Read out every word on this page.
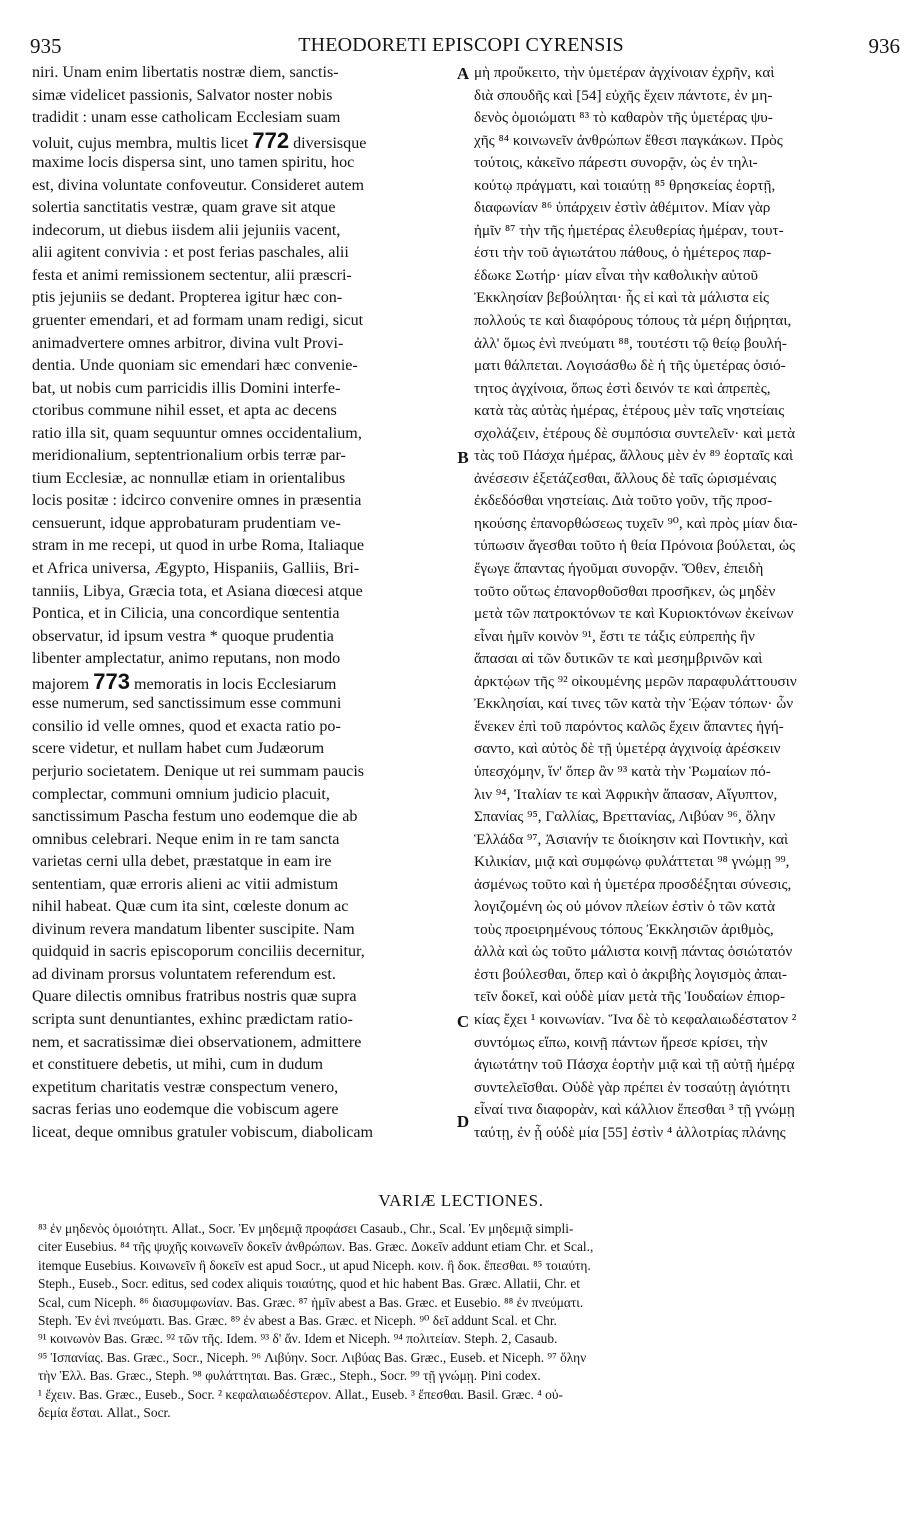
935	THEODORETI EPISCOPI CYRENSIS	936
niri. Unam enim libertatis nostræ diem, sanctis-
simæ videlicet passionis, Salvator noster nobis
tradidit : unam esse catholicam Ecclesiam suam
voluit, cujus membra, multis licet 772 diversisque
maxime locis dispersa sint, uno tamen spiritu, hoc
est, divina voluntate confoveutur. Consideret autem
solertia sanctitatis vestræ, quam grave sit atque
indecorum, ut diebus iisdem alii jejuniis vacent,
alii agitent convivia : et post ferias paschales, alii
festa et animi remissionem sectentur, alii præscri-
ptis jejuniis se dedant. Propterea igitur hæc con-
gruenter emendari, et ad formam unam redigi, sicut
animadvertere omnes arbitror, divina vult Provi-
dentia. Unde quoniam sic emendari hæc convenie-
bat, ut nobis cum parricidis illis Domini interfe-
ctoribus commune nihil esset, et apta ac decens
ratio illa sit, quam sequuntur omnes occidentalium,
meridionalium, septentrionalium orbis terræ par-
tium Ecclesiæ, ac nonnullæ etiam in orientalibus
locis positæ : idcirco convenire omnes in præsentia
censuerunt, idque approbaturam prudentiam ve-
stram in me recepi, ut quod in urbe Roma, Italiaque
et Africa universa, Ægypto, Hispaniis, Galliis, Bri-
tanniis, Libya, Græcia tota, et Asiana diœcesi atque
Pontica, et in Cilicia, una concordique sententia
observatur, id ipsum vestra * quoque prudentia
libenter amplectatur, animo reputans, non modo
majorem 773 memoratis in locis Ecclesiarum
esse numerum, sed sanctissimum esse communi
consilio id velle omnes, quod et exacta ratio po-
scere videtur, et nullam habet cum Judæorum
perjurio societatem. Denique ut rei summam paucis
complectar, communi omnium judicio placuit,
sanctissimum Pascha festum uno eodemque die ab
omnibus celebrari. Neque enim in re tam sancta
varietas cerni ulla debet, præstatque in eam ire
sententiam, quæ erroris alieni ac vitii admistum
nihil habeat. Quæ cum ita sint, cœleste donum ac
divinum revera mandatum libenter suscipite. Nam
quidquid in sacris episcoporum conciliis decernitur,
ad divinam prorsus voluntatem referendum est.
Quare dilectis omnibus fratribus nostris quæ supra
scripta sunt denuntiantes, exhinc prædictam ratio-
nem, et sacratissimæ diei observationem, admittere
et constituere debetis, ut mihi, cum in dudum
expetitum charitatis vestræ conspectum venero,
sacras ferias uno eodemque die vobiscum agere
liceat, deque omnibus gratuler vobiscum, diabolicam
A
B
C
D
μὴ προὔκειτο, τὴν ὑμετέραν ἀγχίνοιαν ἐχρῆν, καὶ
διὰ σπουδῆς καὶ [54] εὐχῆς ἔχειν πάντοτε, ἐν μη-
δενὸς ὁμοιώματι ⁸³ τὸ καθαρὸν τῆς ὑμετέρας ψυ-
χῆς ⁸⁴ κοινωνεῖν ἀνθρώπων ἔθεσι παγκάκων. Πρὸς
τούτοις, κἀκεῖνο πάρεστι συνορᾷν, ὡς ἐν τηλι-
κούτῳ πράγματι, καὶ τοιαύτῃ ⁸⁵ θρησκείας ἑορτῇ,
διαφωνίαν ⁸⁶ ὑπάρχειν ἐστὶν ἀθέμιτον. Μίαν γὰρ
ἡμῖν ⁸⁷ τὴν τῆς ἡμετέρας ἐλευθερίας ἡμέραν, τουτ-
έστι τὴν τοῦ ἁγιωτάτου πάθους, ὁ ἡμέτερος παρ-
έδωκε Σωτήρ· μίαν εἶναι τὴν καθολικὴν αὐτοῦ
Ἐκκλησίαν βεβούληται· ἧς εἰ καὶ τὰ μάλιστα εἰς
πολλούς τε καὶ διαφόρους τόπους τὰ μέρη διῄρηται,
ἀλλ' ὅμως ἑνὶ πνεύματι ⁸⁸, τουτέστι τῷ θείῳ βουλή-
ματι θάλπεται. Λογισάσθω δὲ ἡ τῆς ὑμετέρας ὁσιό-
τητος ἀγχίνοια, ὅπως ἐστὶ δεινόν τε καὶ ἀπρεπὲς,
κατὰ τὰς αὐτὰς ἡμέρας, ἑτέρους μὲν ταῖς νηστείαις
σχολάζειν, ἑτέρους δὲ συμπόσια συντελεῖν· καὶ μετὰ
τὰς τοῦ Πάσχα ἡμέρας, ἄλλους μὲν ἐν ⁸⁹ ἑορταῖς καὶ
ἀνέσεσιν ἐξετάζεσθαι, ἄλλους δὲ ταῖς ὡρισμέναις
ἐκδεδόσθαι νηστείαις. Διὰ τοῦτο γοῦν, τῆς προσ-
ηκούσης ἐπανορθώσεως τυχεῖν ⁹⁰, καὶ πρὸς μίαν δια-
τύπωσιν ἄγεσθαι τοῦτο ἡ θεία Πρόνοια βούλεται, ὡς
ἔγωγε ἅπαντας ἡγοῦμαι συνορᾷν. Ὅθεν, ἐπειδὴ
τοῦτο οὕτως ἐπανορθοῦσθαι προσῆκεν, ὡς μηδὲν
μετὰ τῶν πατροκτόνων τε καὶ Κυριοκτόνων ἐκείνων
εἶναι ἡμῖν κοινὸν ⁹¹, ἔστι τε τάξις εὐπρεπὴς ἣν
ἅπασαι αἱ τῶν δυτικῶν τε καὶ μεσημβρινῶν καὶ
ἀρκτῴων τῆς ⁹² οἰκουμένης μερῶν παραφυλάττουσιν
Ἐκκλησίαι, καί τινες τῶν κατὰ τὴν Ἑῴαν τόπων· ὧν
ἕνεκεν ἐπὶ τοῦ παρόντος καλῶς ἔχειν ἅπαντες ἡγή-
σαντο, καὶ αὐτὸς δὲ τῇ ὑμετέρᾳ ἀγχινοίᾳ ἀρέσκειν
ὑπεσχόμην, ἵν' ὅπερ ἂν ⁹³ κατὰ τὴν Ῥωμαίων πό-
λιν ⁹⁴, Ἰταλίαν τε καὶ Ἀφρικὴν ἅπασαν, Αἴγυπτον,
Σπανίας ⁹⁵, Γαλλίας, Βρεττανίας, Λιβύαν ⁹⁶, ὅλην
Ἑλλάδα ⁹⁷, Ἀσιανήν τε διοίκησιν καὶ Ποντικὴν, καὶ
Κιλικίαν, μιᾷ καὶ συμφώνῳ φυλάττεται ⁹⁸ γνώμῃ ⁹⁹,
ἀσμένως τοῦτο καὶ ἡ ὑμετέρα προσδέξηται σύνεσις,
λογιζομένη ὡς οὐ μόνον πλείων ἐστὶν ὁ τῶν κατὰ
τοὺς προειρημένους τόπους Ἐκκλησιῶν ἀριθμὸς,
ἀλλὰ καὶ ὡς τοῦτο μάλιστα κοινῇ πάντας ὁσιώτατόν
ἐστι βούλεσθαι, ὅπερ καὶ ὁ ἀκριβὴς λογισμὸς ἀπαι-
τεῖν δοκεῖ, καὶ οὐδὲ μίαν μετὰ τῆς Ἰουδαίων ἐπιορ-
κίας ἔχει ¹ κοινωνίαν. Ἵνα δὲ τὸ κεφαλαιωδέστατον ²
συντόμως εἴπω, κοινῇ πάντων ἤρεσε κρίσει, τὴν
ἁγιωτάτην τοῦ Πάσχα ἑορτὴν μιᾷ καὶ τῇ αὐτῇ ἡμέρᾳ
συντελεῖσθαι. Οὐδὲ γὰρ πρέπει ἐν τοσαύτῃ ἁγιότητι
εἶναί τινα διαφορὰν, καὶ κάλλιον ἕπεσθαι ³ τῇ γνώμῃ
ταύτῃ, ἐν ᾗ οὐδὲ μία [55] ἐστὶν ⁴ ἀλλοτρίας πλάνης
VARIÆ LECTIONES.
⁸³ ἐν μηδενὸς ὁμοιότητι. Allat., Socr. Ἐν μηδεμιᾷ προφάσει Casaub., Chr., Scal. Ἐν μηδεμιᾷ simpli-
citer Eusebius. ⁸⁴ τῆς ψυχῆς κοινωνεῖν δοκεῖν ἀνθρώπων. Bas. Græc. Δοκεῖν addunt etiam Chr. et Scal.,
itemque Eusebius. Κοινωνεῖν ἢ δοκεῖν est apud Socr., ut apud Niceph. κοιν. ἢ δοκ. ἔπεσθαι. ⁸⁵ τοιαύτη.
Steph., Euseb., Socr. editus, sed codex aliquis τοιαύτης, quod et hic habent Bas. Græc. Allatii, Chr. et
Scal, cum Niceph. ⁸⁶ διασυμφωνίαν. Bas. Græc. ⁸⁷ ἡμῖν abest a Bas. Græc. et Eusebio. ⁸⁸ ἐν πνεύματι.
Steph. Ἐν ἑνὶ πνεύματι. Bas. Græc. ⁸⁹ ἐν abest a Bas. Græc. et Niceph. ⁹⁰ δεῖ addunt Scal. et Chr.
⁹¹ κοινωνὸν Bas. Græc. ⁹² τῶν τῆς. Idem. ⁹³ δ' ἄν. Idem et Niceph. ⁹⁴ πολιτείαν. Steph. 2, Casaub.
⁹⁵ Ἱσπανίας. Bas. Græc., Socr., Niceph. ⁹⁶ Λιβύην. Socr. Λιβύας Bas. Græc., Euseb. et Niceph. ⁹⁷ ὅλην
τὴν Ἑλλ. Bas. Græc., Steph. ⁹⁸ φυλάττηται. Bas. Græc., Steph., Socr. ⁹⁹ τῇ γνώμῃ. Pini codex.
¹ ἔχειν. Bas. Græc., Euseb., Socr. ² κεφαλαιωδέστερον. Allat., Euseb. ³ ἔπεσθαι. Basil. Græc. ⁴ οὐ-
δεμία ἔσται. Allat., Socr.
